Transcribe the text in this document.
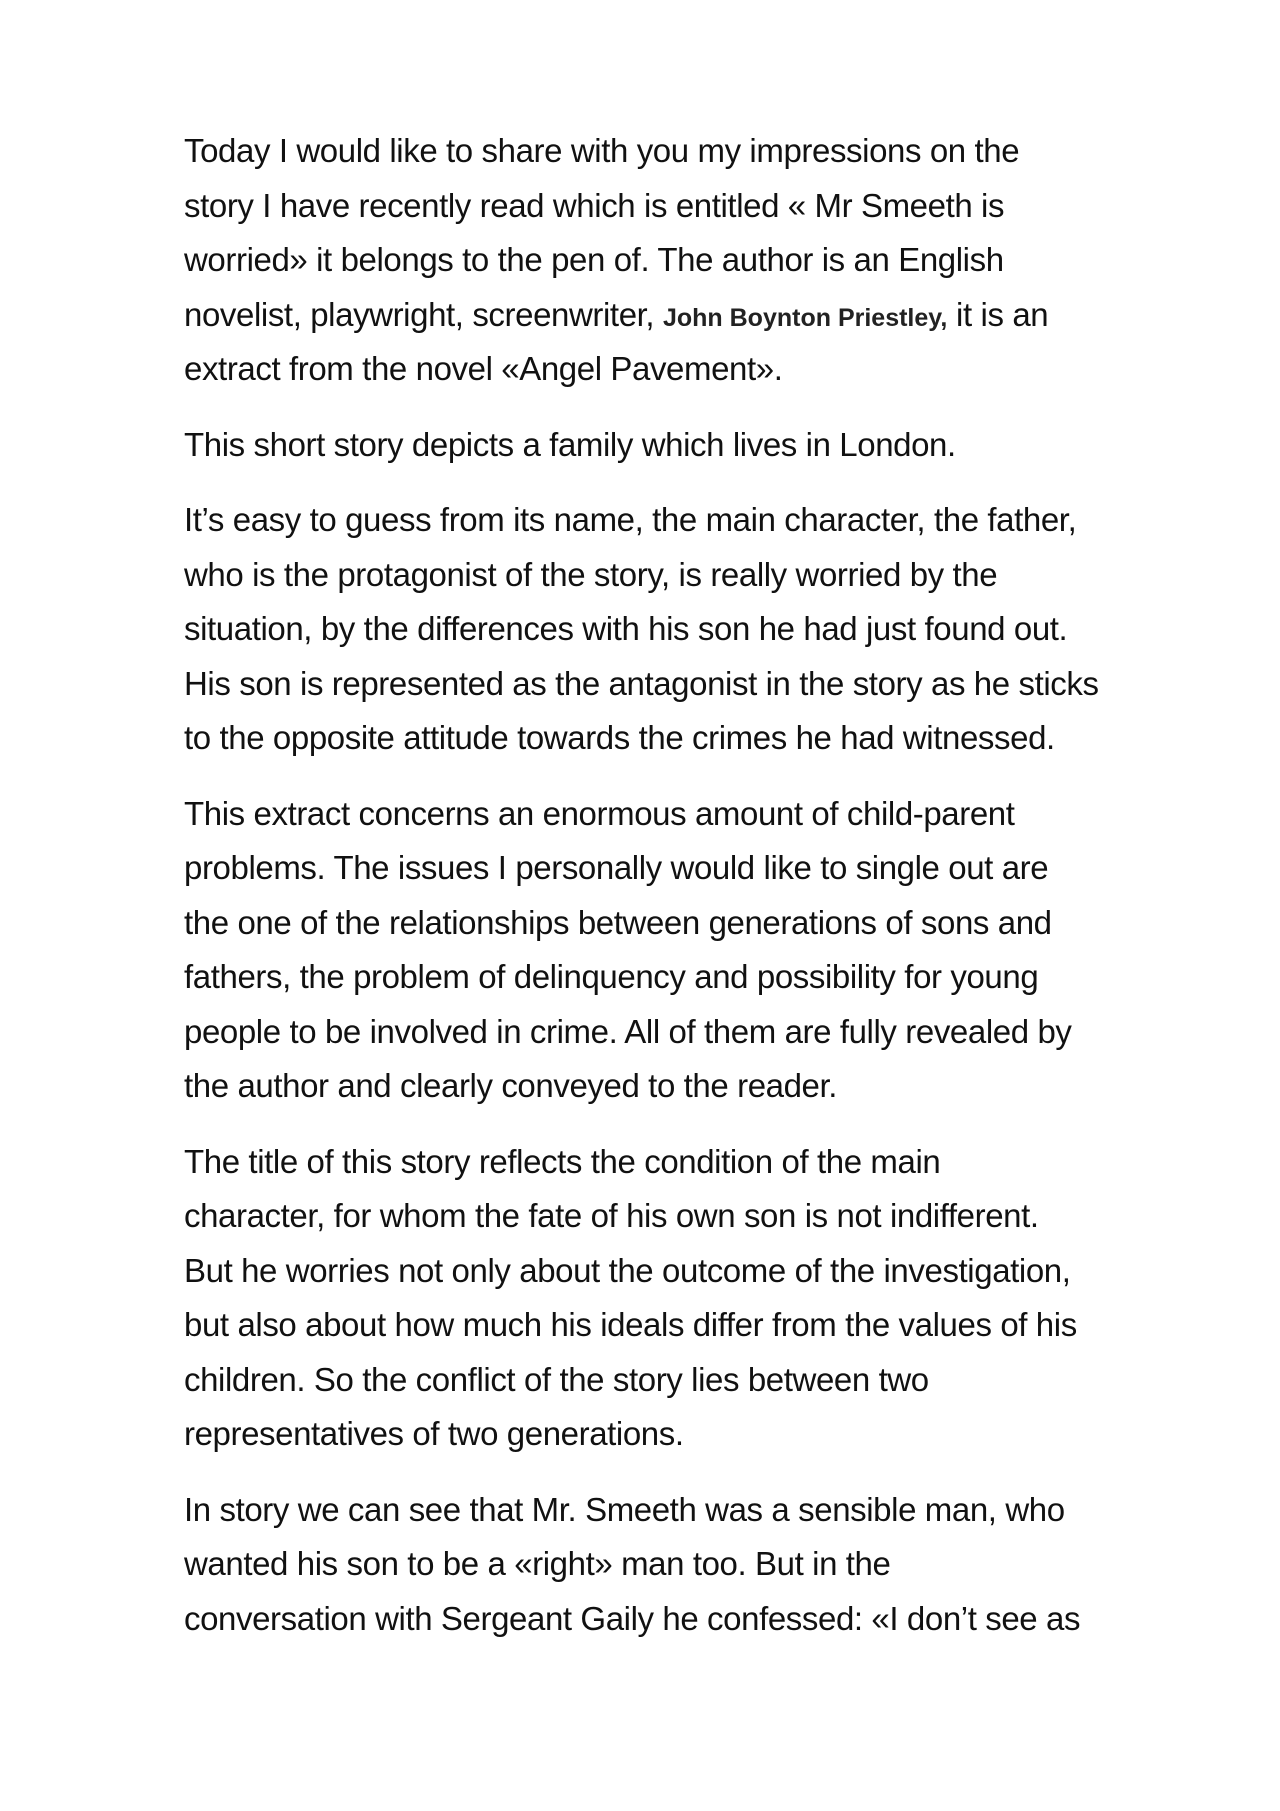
Today I would like to share with you my impressions on the
story I have recently read which is entitled « Mr Smeeth is
worried» it belongs to the pen of. The author is an English
novelist, playwright, screenwriter, John Boynton Priestley, it is an
extract from the novel «Angel Pavement».

This short story depicts a family which lives in London.

It’s easy to guess from its name, the main character, the father,
who is the protagonist of the story, is really worried by the
situation, by the differences with his son he had just found out.
His son is represented as the antagonist in the story as he sticks
to the opposite attitude towards the crimes he had witnessed.

This extract concerns an enormous amount of child-parent
problems. The issues I personally would like to single out are
the one of the relationships between generations of sons and
fathers, the problem of delinquency and possibility for young
people to be involved in crime. All of them are fully revealed by
the author and clearly conveyed to the reader.

The title of this story reflects the condition of the main
character, for whom the fate of his own son is not indifferent.
But he worries not only about the outcome of the investigation,
but also about how much his ideals differ from the values of his
children. So the conflict of the story lies between two
representatives of two generations.

In story we can see that Mr. Smeeth was a sensible man, who
wanted his son to be a «right» man too. But in the
conversation with Sergeant Gaily he confessed: «I don’t see as
